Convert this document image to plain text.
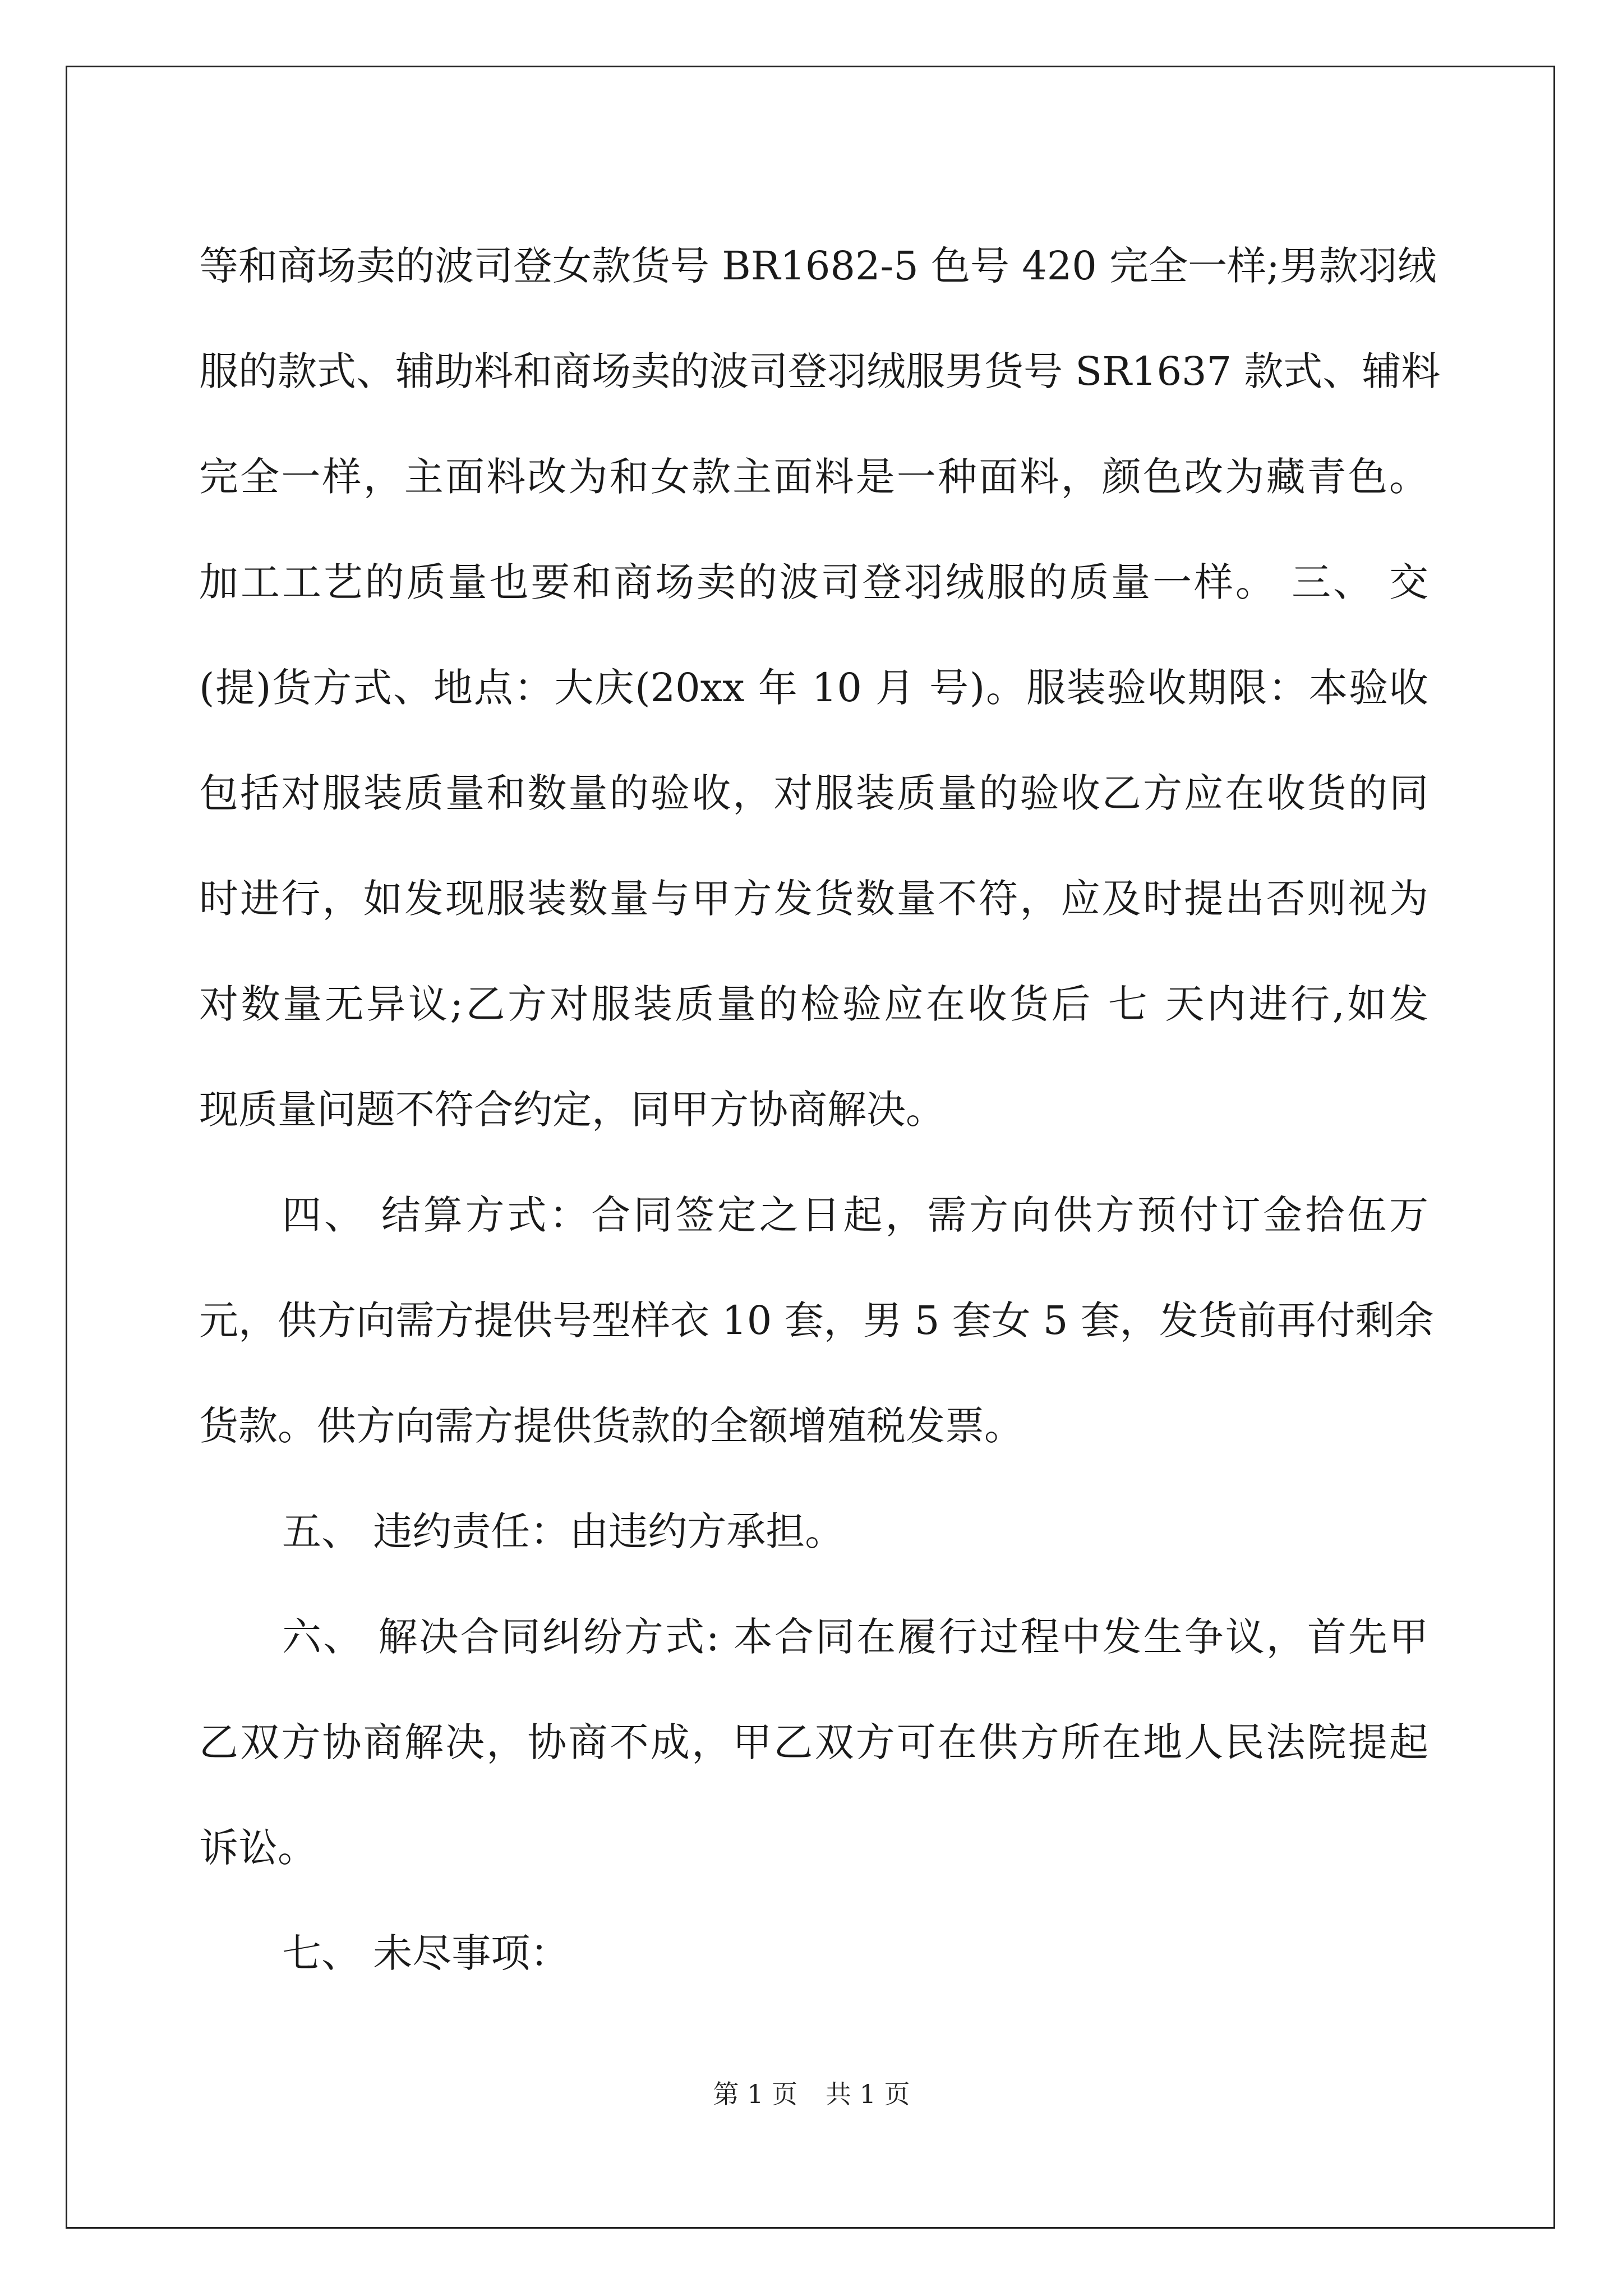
等和商场卖的波司登女款货号 BR1682-5 色号 420 完全一样;男款羽绒
服的款式、辅助料和商场卖的波司登羽绒服男货号 SR1637 款式、辅料
完全一样，主面料改为和女款主面料是一种面料，颜色改为藏青色。
加工工艺的质量也要和商场卖的波司登羽绒服的质量一样。 三、 交
(提)货方式、地点：大庆(20xx 年 10 月 号)。服装验收期限：本验收
包括对服装质量和数量的验收，对服装质量的验收乙方应在收货的同
时进行，如发现服装数量与甲方发货数量不符，应及时提出否则视为
对数量无异议;乙方对服装质量的检验应在收货后 七 天内进行,如发
现质量问题不符合约定，同甲方协商解决。
四、 结算方式：合同签定之日起，需方向供方预付订金拾伍万
元，供方向需方提供号型样衣 10 套，男 5 套女 5 套，发货前再付剩余
货款。供方向需方提供货款的全额增殖税发票。
五、 违约责任：由违约方承担。
六、 解决合同纠纷方式: 本合同在履行过程中发生争议，首先甲
乙双方协商解决，协商不成，甲乙双方可在供方所在地人民法院提起
诉讼。
七、 未尽事项：
第 1 页 共 1 页
